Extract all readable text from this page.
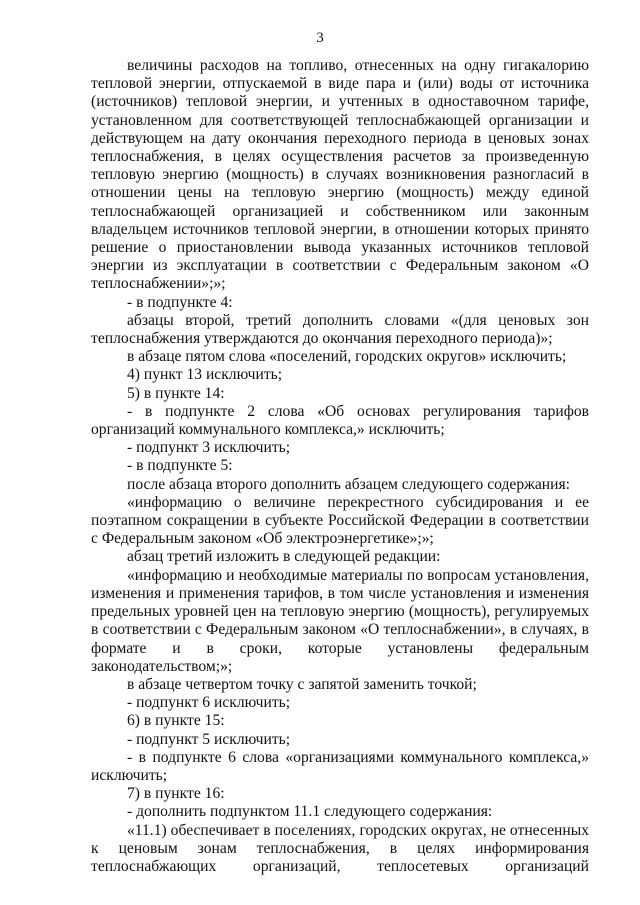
3

величины расходов на топливо, отнесенных на одну гигакалорию тепловой энергии, отпускаемой в виде пара и (или) воды от источника (источников) тепловой энергии, и учтенных в одноставочном тарифе, установленном для соответствующей теплоснабжающей организации и действующем на дату окончания переходного периода в ценовых зонах теплоснабжения, в целях осуществления расчетов за произведенную тепловую энергию (мощность) в случаях возникновения разногласий в отношении цены на тепловую энергию (мощность) между единой теплоснабжающей организацией и собственником или законным владельцем источников тепловой энергии, в отношении которых принято решение о приостановлении вывода указанных источников тепловой энергии из эксплуатации в соответствии с Федеральным законом «О теплоснабжении»;»;

- в подпункте 4:

абзацы второй, третий дополнить словами «(для ценовых зон теплоснабжения утверждаются до окончания переходного периода)»;

в абзаце пятом слова «поселений, городских округов» исключить;

4) пункт 13 исключить;

5) в пункте 14:

- в подпункте 2 слова «Об основах регулирования тарифов организаций коммунального комплекса,» исключить;

- подпункт 3 исключить;

- в подпункте 5:

после абзаца второго дополнить абзацем следующего содержания:

«информацию о величине перекрестного субсидирования и ее поэтапном сокращении в субъекте Российской Федерации в соответствии с Федеральным законом «Об электроэнергетике»;»;

абзац третий изложить в следующей редакции:

«информацию и необходимые материалы по вопросам установления, изменения и применения тарифов, в том числе установления и изменения предельных уровней цен на тепловую энергию (мощность), регулируемых в соответствии с Федеральным законом «О теплоснабжении», в случаях, в формате и в сроки, которые установлены федеральным законодательством;»;

в абзаце четвертом точку с запятой заменить точкой;

- подпункт 6 исключить;

6) в пункте 15:

- подпункт 5 исключить;

- в подпункте 6 слова «организациями коммунального комплекса,» исключить;

7) в пункте 16:

- дополнить подпунктом 11.1 следующего содержания:

«11.1) обеспечивает в поселениях, городских округах, не отнесенных к ценовым зонам теплоснабжения, в целях информирования теплоснабжающих организаций, теплосетевых организаций
